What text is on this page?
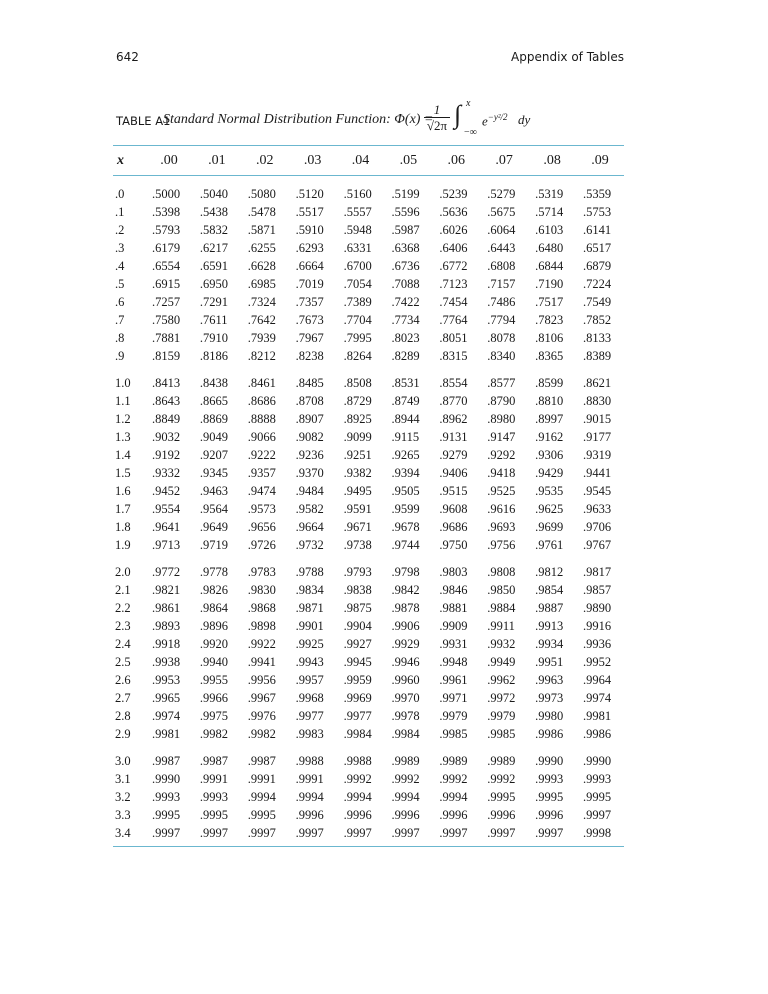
642	Appendix of Tables
TABLE A1
Standard Normal Distribution Function: Φ(x) =
1
√2π ∫ x
−∞
$e^{-y^2/2}$ dy
x	.00	.01	.02	.03	.04	.05	.06	.07	.08	.09
.0	.5000	.5040	.5080	.5120	.5160	.5199	.5239	.5279	.5319	.5359
.1	.5398	.5438	.5478	.5517	.5557	.5596	.5636	.5675	.5714	.5753
.2	.5793	.5832	.5871	.5910	.5948	.5987	.6026	.6064	.6103	.6141
.3	.6179	.6217	.6255	.6293	.6331	.6368	.6406	.6443	.6480	.6517
.4	.6554	.6591	.6628	.6664	.6700	.6736	.6772	.6808	.6844	.6879
.5	.6915	.6950	.6985	.7019	.7054	.7088	.7123	.7157	.7190	.7224
.6	.7257	.7291	.7324	.7357	.7389	.7422	.7454	.7486	.7517	.7549
.7	.7580	.7611	.7642	.7673	.7704	.7734	.7764	.7794	.7823	.7852
.8	.7881	.7910	.7939	.7967	.7995	.8023	.8051	.8078	.8106	.8133
.9	.8159	.8186	.8212	.8238	.8264	.8289	.8315	.8340	.8365	.8389
1.0	.8413	.8438	.8461	.8485	.8508	.8531	.8554	.8577	.8599	.8621
1.1	.8643	.8665	.8686	.8708	.8729	.8749	.8770	.8790	.8810	.8830
1.2	.8849	.8869	.8888	.8907	.8925	.8944	.8962	.8980	.8997	.9015
1.3	.9032	.9049	.9066	.9082	.9099	.9115	.9131	.9147	.9162	.9177
1.4	.9192	.9207	.9222	.9236	.9251	.9265	.9279	.9292	.9306	.9319
1.5	.9332	.9345	.9357	.9370	.9382	.9394	.9406	.9418	.9429	.9441
1.6	.9452	.9463	.9474	.9484	.9495	.9505	.9515	.9525	.9535	.9545
1.7	.9554	.9564	.9573	.9582	.9591	.9599	.9608	.9616	.9625	.9633
1.8	.9641	.9649	.9656	.9664	.9671	.9678	.9686	.9693	.9699	.9706
1.9	.9713	.9719	.9726	.9732	.9738	.9744	.9750	.9756	.9761	.9767
2.0	.9772	.9778	.9783	.9788	.9793	.9798	.9803	.9808	.9812	.9817
2.1	.9821	.9826	.9830	.9834	.9838	.9842	.9846	.9850	.9854	.9857
2.2	.9861	.9864	.9868	.9871	.9875	.9878	.9881	.9884	.9887	.9890
2.3	.9893	.9896	.9898	.9901	.9904	.9906	.9909	.9911	.9913	.9916
2.4	.9918	.9920	.9922	.9925	.9927	.9929	.9931	.9932	.9934	.9936
2.5	.9938	.9940	.9941	.9943	.9945	.9946	.9948	.9949	.9951	.9952
2.6	.9953	.9955	.9956	.9957	.9959	.9960	.9961	.9962	.9963	.9964
2.7	.9965	.9966	.9967	.9968	.9969	.9970	.9971	.9972	.9973	.9974
2.8	.9974	.9975	.9976	.9977	.9977	.9978	.9979	.9979	.9980	.9981
2.9	.9981	.9982	.9982	.9983	.9984	.9984	.9985	.9985	.9986	.9986
3.0	.9987	.9987	.9987	.9988	.9988	.9989	.9989	.9989	.9990	.9990
3.1	.9990	.9991	.9991	.9991	.9992	.9992	.9992	.9992	.9993	.9993
3.2	.9993	.9993	.9994	.9994	.9994	.9994	.9994	.9995	.9995	.9995
3.3	.9995	.9995	.9995	.9996	.9996	.9996	.9996	.9996	.9996	.9997
3.4	.9997	.9997	.9997	.9997	.9997	.9997	.9997	.9997	.9997	.9998
